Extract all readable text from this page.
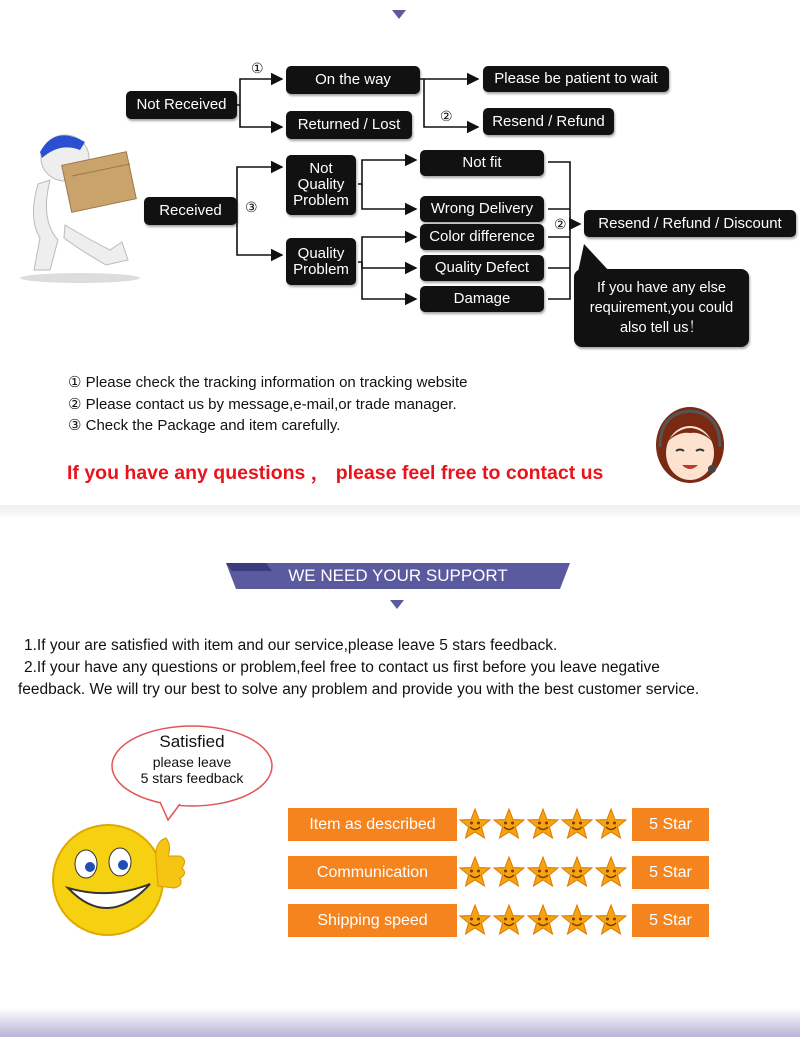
Not Received
①
On the way
Returned / Lost
Please be patient to wait
②	Resend / Refund
Received	③
Not
Quality
Problem
Quality
Problem
Not fit
Wrong Delivery
Color difference
Quality Defect
Damage
②	Resend / Refund / Discount
If you have any else
requirement,you could
also tell us！
① Please check the tracking information on tracking website
② Please contact us by message,e-mail,or trade manager.
③ Check the Package and item carefully.
If you have any questions ， please feel free to contact us
WE NEED YOUR SUPPORT
1.If your are satisfied with item and our service,please leave 5 stars feedback.
2.If your have any questions or problem,feel free to contact us first before you leave negative
feedback. We will try our best to solve any problem and provide you with the best customer service.
Satisfied
please leave
5 stars feedback
Item as described	5 Star
Communication	5 Star
Shipping speed	5 Star
